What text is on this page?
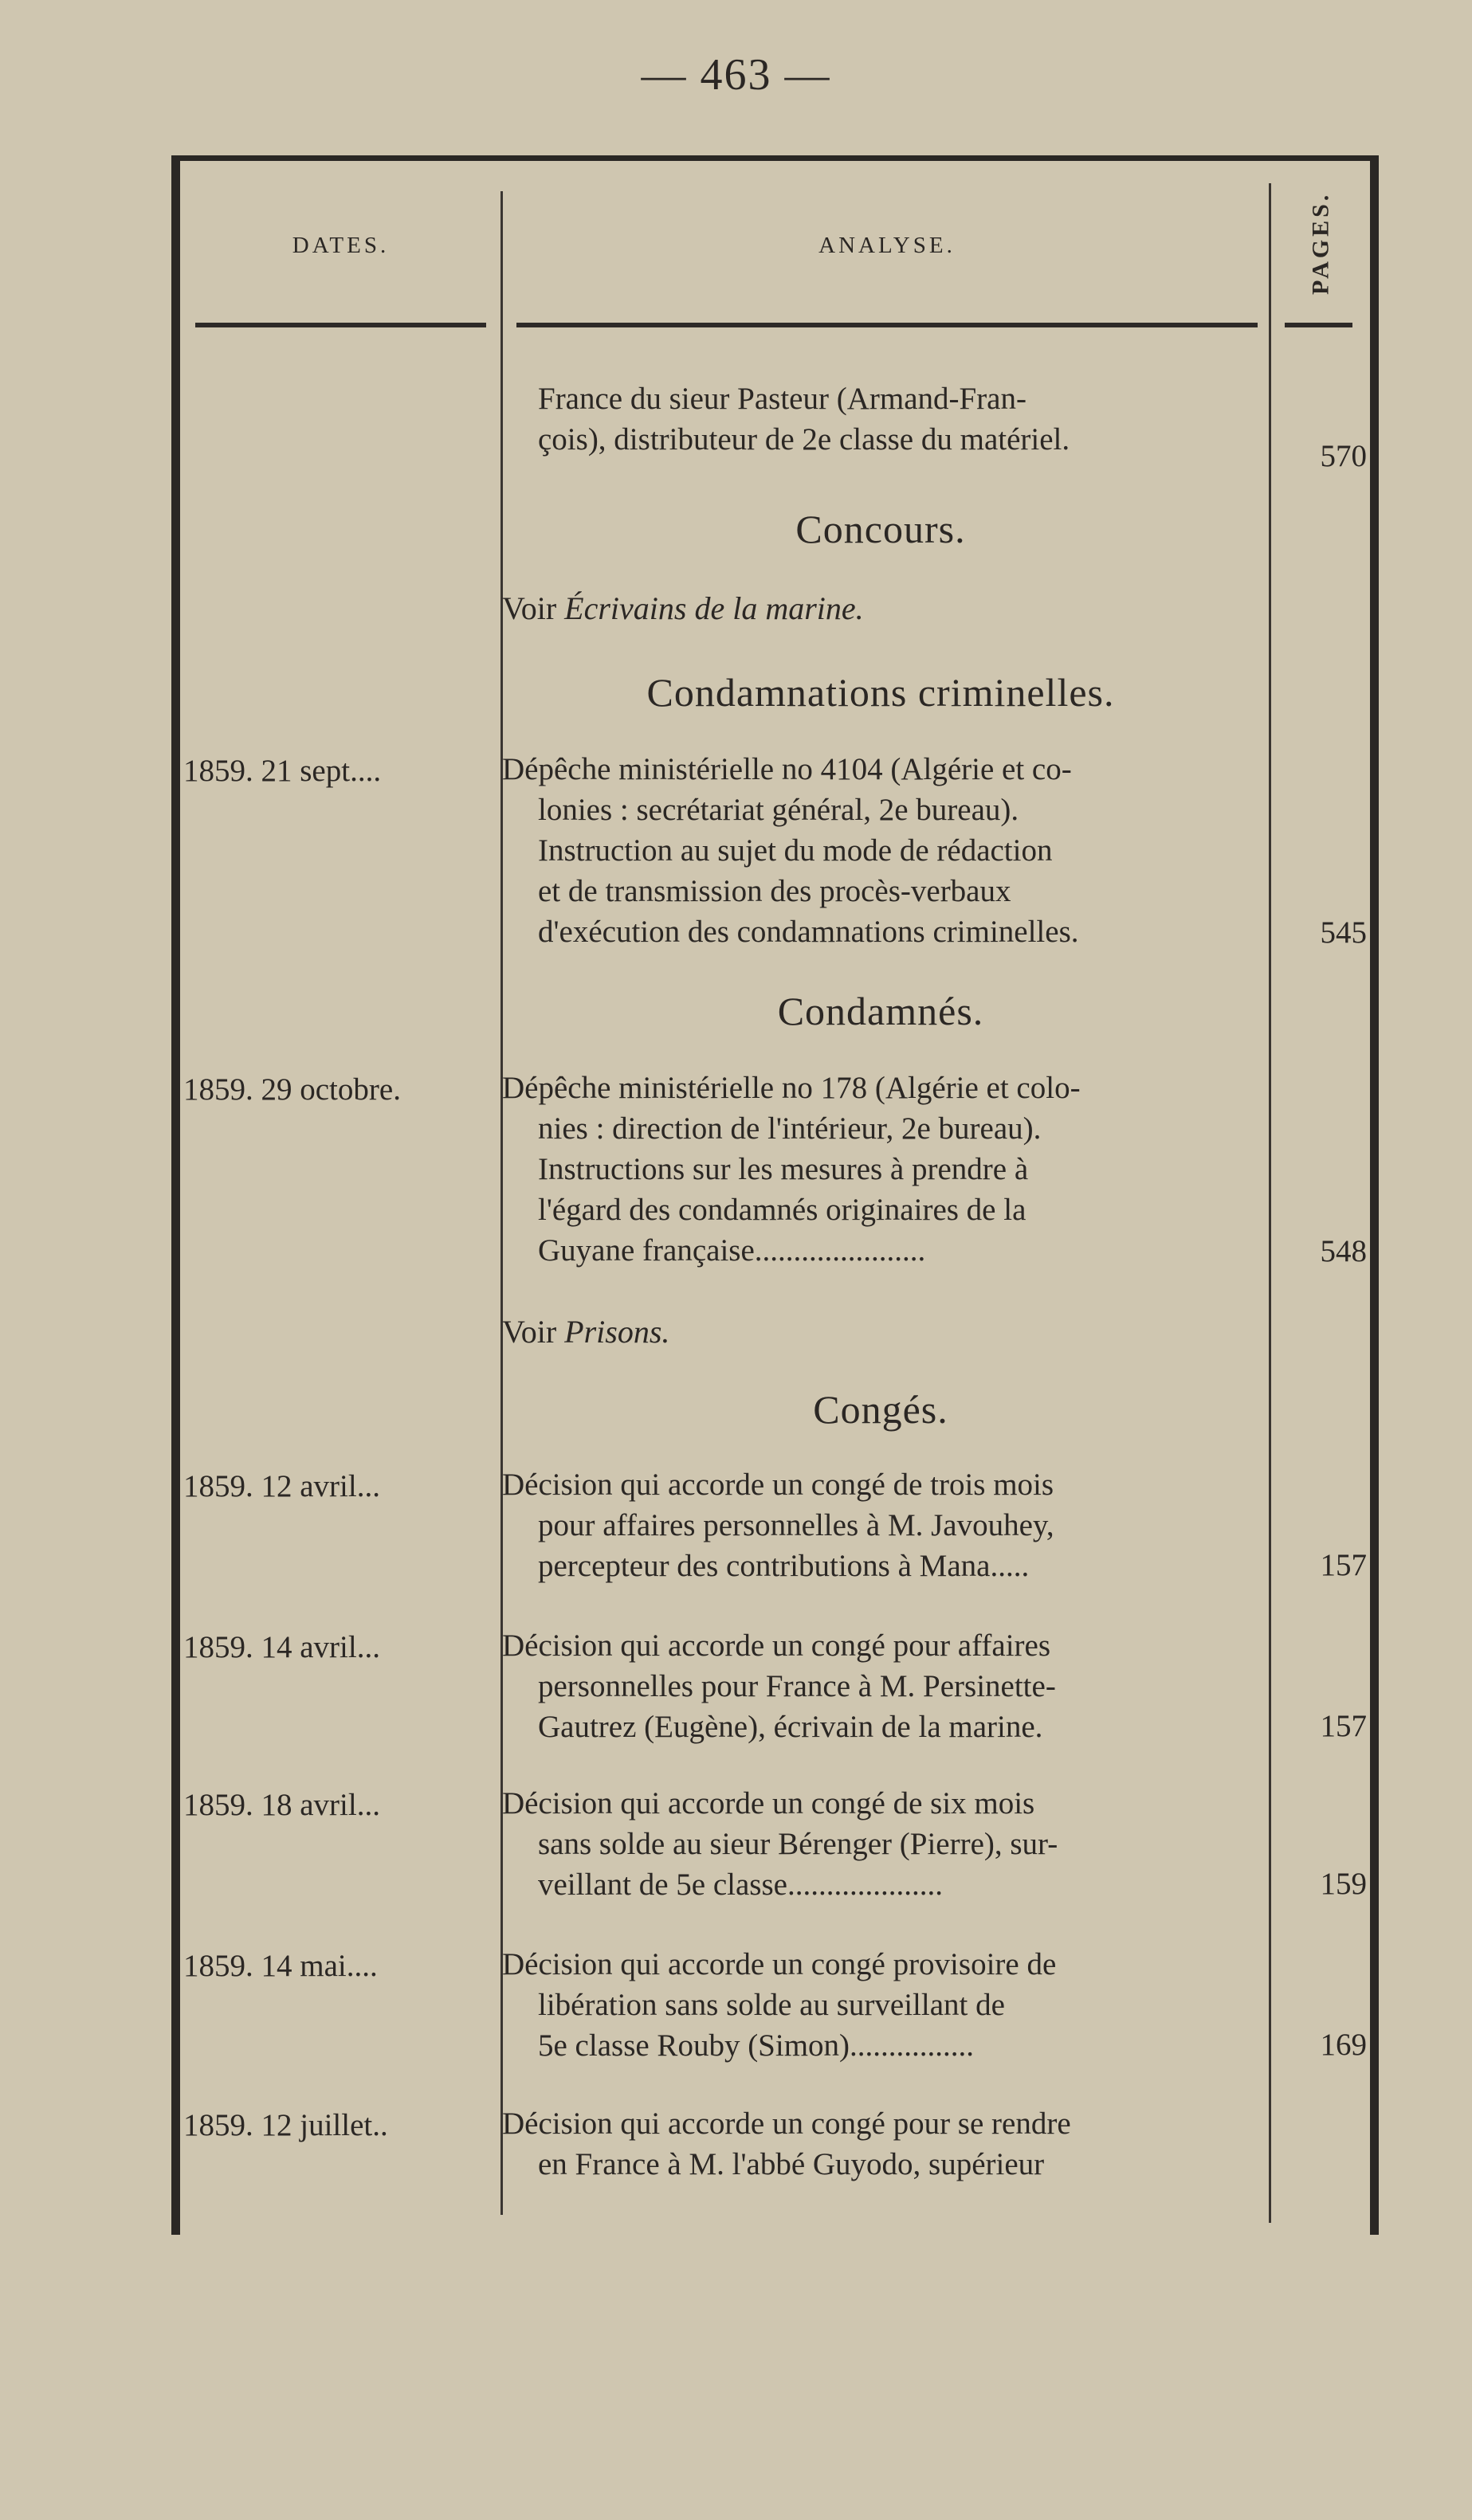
— 463 —
DATES.	ANALYSE.	PAGES.
France du sieur Pasteur (Armand-Fran-
çois), distributeur de 2e classe du matériel.	570
Concours.
Voir Écrivains de la marine.
Condamnations criminelles.
1859. 21 sept....	Dépêche ministérielle no 4104 (Algérie et co-
lonies : secrétariat général, 2e bureau).
Instruction au sujet du mode de rédaction
et de transmission des procès-verbaux
d'exécution des condamnations criminelles.	545
Condamnés.
1859. 29 octobre.	Dépêche ministérielle no 178 (Algérie et colo-
nies : direction de l'intérieur, 2e bureau).
Instructions sur les mesures à prendre à
l'égard des condamnés originaires de la
Guyane française......................	548
Voir Prisons.
Congés.
1859. 12 avril...	Décision qui accorde un congé de trois mois
pour affaires personnelles à M. Javouhey,
percepteur des contributions à Mana.....	157
1859. 14 avril...	Décision qui accorde un congé pour affaires
personnelles pour France à M. Persinette-
Gautrez (Eugène), écrivain de la marine.	157
1859. 18 avril...	Décision qui accorde un congé de six mois
sans solde au sieur Bérenger (Pierre), sur-
veillant de 5e classe....................	159
1859. 14 mai....	Décision qui accorde un congé provisoire de
libération sans solde au surveillant de
5e classe Rouby (Simon)................	169
1859. 12 juillet..	Décision qui accorde un congé pour se rendre
en France à M. l'abbé Guyodo, supérieur
